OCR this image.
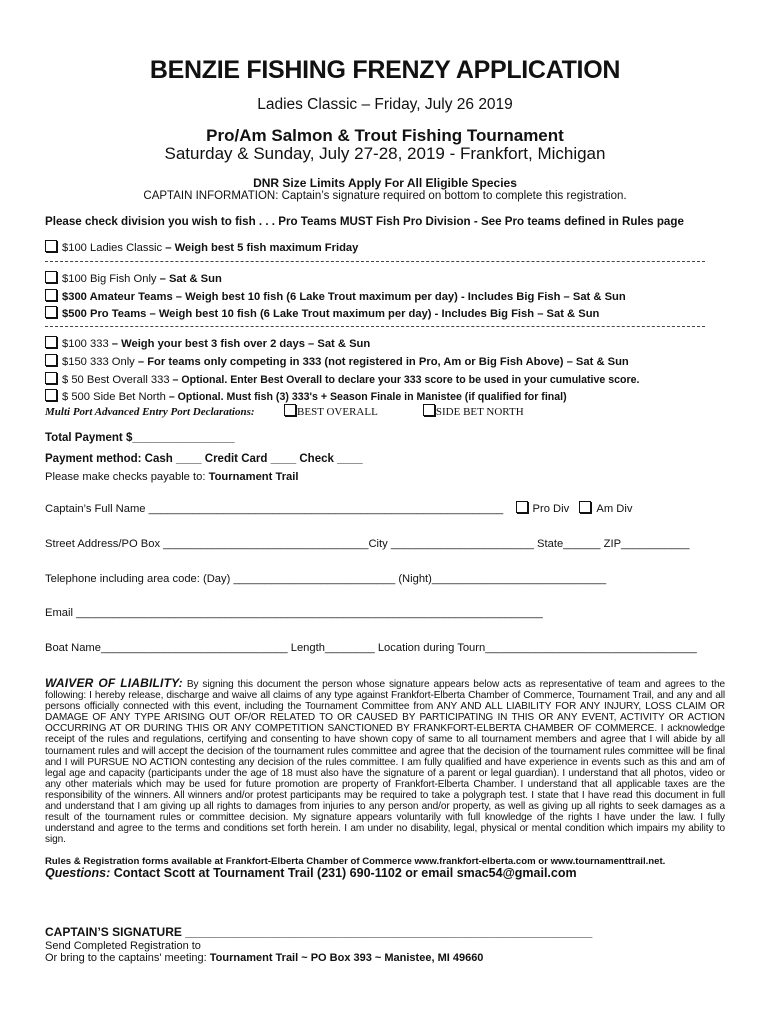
BENZIE FISHING FRENZY APPLICATION
Ladies Classic – Friday, July 26 2019
Pro/Am Salmon & Trout Fishing Tournament
Saturday & Sunday, July 27-28, 2019 - Frankfort, Michigan
DNR Size Limits Apply For All Eligible Species
CAPTAIN INFORMATION: Captain’s signature required on bottom to complete this registration.
Please check division you wish to fish . . . Pro Teams MUST Fish Pro Division - See Pro teams defined in Rules page
$100 Ladies Classic – Weigh best 5 fish maximum Friday
$100 Big Fish Only – Sat & Sun
$300 Amateur Teams – Weigh best 10 fish (6 Lake Trout maximum per day) - Includes Big Fish – Sat & Sun
$500 Pro Teams – Weigh best 10 fish (6 Lake Trout maximum per day) - Includes Big Fish – Sat & Sun
$100 333 – Weigh your best 3 fish over 2 days – Sat & Sun
$150 333 Only – For teams only competing in 333 (not registered in Pro, Am or Big Fish Above) – Sat & Sun
$ 50 Best Overall 333 – Optional. Enter Best Overall to declare your 333 score to be used in your cumulative score.
$ 500 Side Bet North – Optional. Must fish (3) 333's + Season Finale in Manistee (if qualified for final)
Multi Port Advanced Entry Port Declarations:	BEST OVERALL	SIDE BET NORTH
Total Payment $________________
Payment method: Cash ____ Credit Card ____ Check ____
Please make checks payable to: Tournament Trail
Captain’s Full Name _________________________________________________________	Pro Div Am Div
Street Address/PO Box _________________________________City _______________________ State______ ZIP___________
Telephone including area code: (Day) __________________________ (Night)____________________________
Email ___________________________________________________________________________
Boat Name______________________________ Length________ Location during Tourn__________________________________
WAIVER OF LIABILITY: By signing this document the person whose signature appears below acts as representative of team and agrees to the following: I hereby release, discharge and waive all claims of any type against Frankfort-Elberta Chamber of Commerce, Tournament Trail, and any and all persons officially connected with this event, including the Tournament Committee from ANY AND ALL LIABILITY FOR ANY INJURY, LOSS CLAIM OR DAMAGE OF ANY TYPE ARISING OUT OF/OR RELATED TO OR CAUSED BY PARTICIPATING IN THIS OR ANY EVENT, ACTIVITY OR ACTION OCCURRING AT OR DURING THIS OR ANY COMPETITION SANCTIONED BY FRANKFORT-ELBERTA CHAMBER OF COMMERCE. I acknowledge receipt of the rules and regulations, certifying and consenting to have shown copy of same to all tournament members and agree that I will abide by all tournament rules and will accept the decision of the tournament rules committee and agree that the decision of the tournament rules committee will be final and I will PURSUE NO ACTION contesting any decision of the rules committee. I am fully qualified and have experience in events such as this and am of legal age and capacity (participants under the age of 18 must also have the signature of a parent or legal guardian). I understand that all photos, video or any other materials which may be used for future promotion are property of Frankfort-Elberta Chamber. I understand that all applicable taxes are the responsibility of the winners. All winners and/or protest participants may be required to take a polygraph test. I state that I have read this document in full and understand that I am giving up all rights to damages from injuries to any person and/or property, as well as giving up all rights to seek damages as a result of the tournament rules or committee decision. My signature appears voluntarily with full knowledge of the rights I have under the law. I fully understand and agree to the terms and conditions set forth herein. I am under no disability, legal, physical or mental condition which impairs my ability to sign.
Rules & Registration forms available at Frankfort-Elberta Chamber of Commerce www.frankfort-elberta.com or www.tournamenttrail.net.
Questions: Contact Scott at Tournament Trail (231) 690-1102 or email smac54@gmail.com
CAPTAIN’S SIGNATURE _____________________________________________________________
Send Completed Registration to
Or bring to the captains' meeting: Tournament Trail ~ PO Box 393 ~ Manistee, MI 49660
